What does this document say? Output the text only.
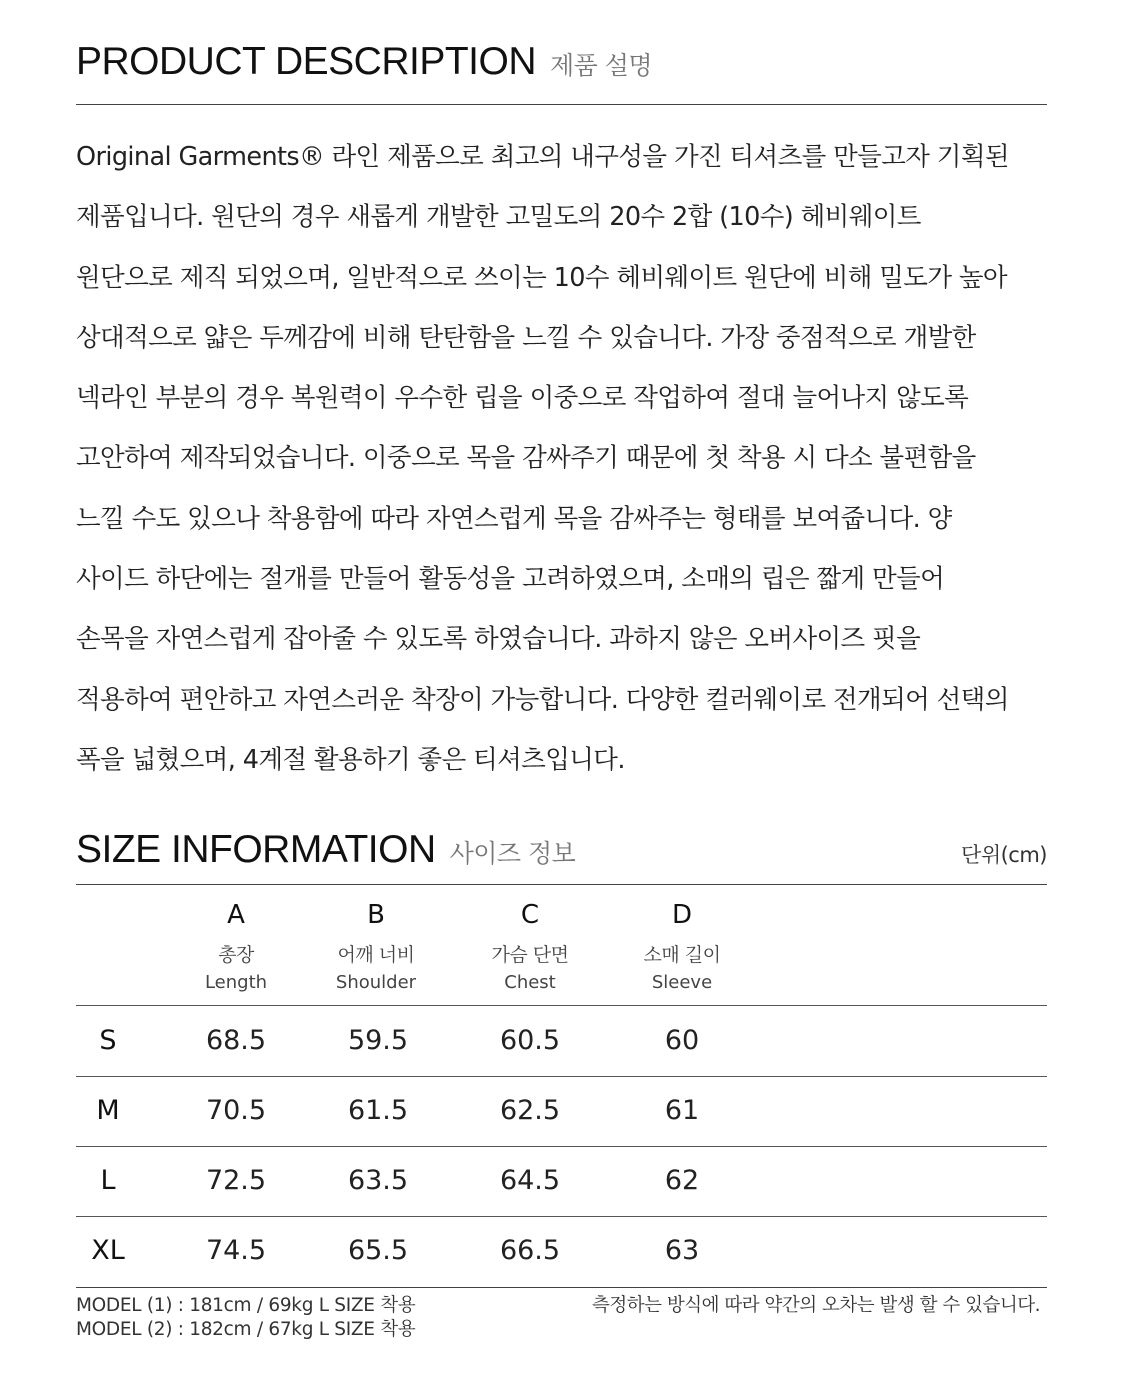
PRODUCT DESCRIPTION 제품 설명
Original Garments® 라인 제품으로 최고의 내구성을 가진 티셔츠를 만들고자 기획된
제품입니다. 원단의 경우 새롭게 개발한 고밀도의 20수 2합 (10수) 헤비웨이트
원단으로 제직 되었으며, 일반적으로 쓰이는 10수 헤비웨이트 원단에 비해 밀도가 높아
상대적으로 얇은 두께감에 비해 탄탄함을 느낄 수 있습니다. 가장 중점적으로 개발한
넥라인 부분의 경우 복원력이 우수한 립을 이중으로 작업하여 절대 늘어나지 않도록
고안하여 제작되었습니다. 이중으로 목을 감싸주기 때문에 첫 착용 시 다소 불편함을
느낄 수도 있으나 착용함에 따라 자연스럽게 목을 감싸주는 형태를 보여줍니다. 양
사이드 하단에는 절개를 만들어 활동성을 고려하였으며, 소매의 립은 짧게 만들어
손목을 자연스럽게 잡아줄 수 있도록 하였습니다. 과하지 않은 오버사이즈 핏을
적용하여 편안하고 자연스러운 착장이 가능합니다. 다양한 컬러웨이로 전개되어 선택의
폭을 넓혔으며, 4계절 활용하기 좋은 티셔츠입니다.
SIZE INFORMATION 사이즈 정보	단위(cm)
A
총장
Length
B
어깨 너비
Shoulder
C
가슴 단면
Chest
D
소매 길이
Sleeve
S	68.5	59.5	60.5	60
M	70.5	61.5	62.5	61
L	72.5	63.5	64.5	62
XL	74.5	65.5	66.5	63
MODEL (1) : 181cm / 69kg L SIZE 착용
MODEL (2) : 182cm / 67kg L SIZE 착용
측정하는 방식에 따라 약간의 오차는 발생 할 수 있습니다.
